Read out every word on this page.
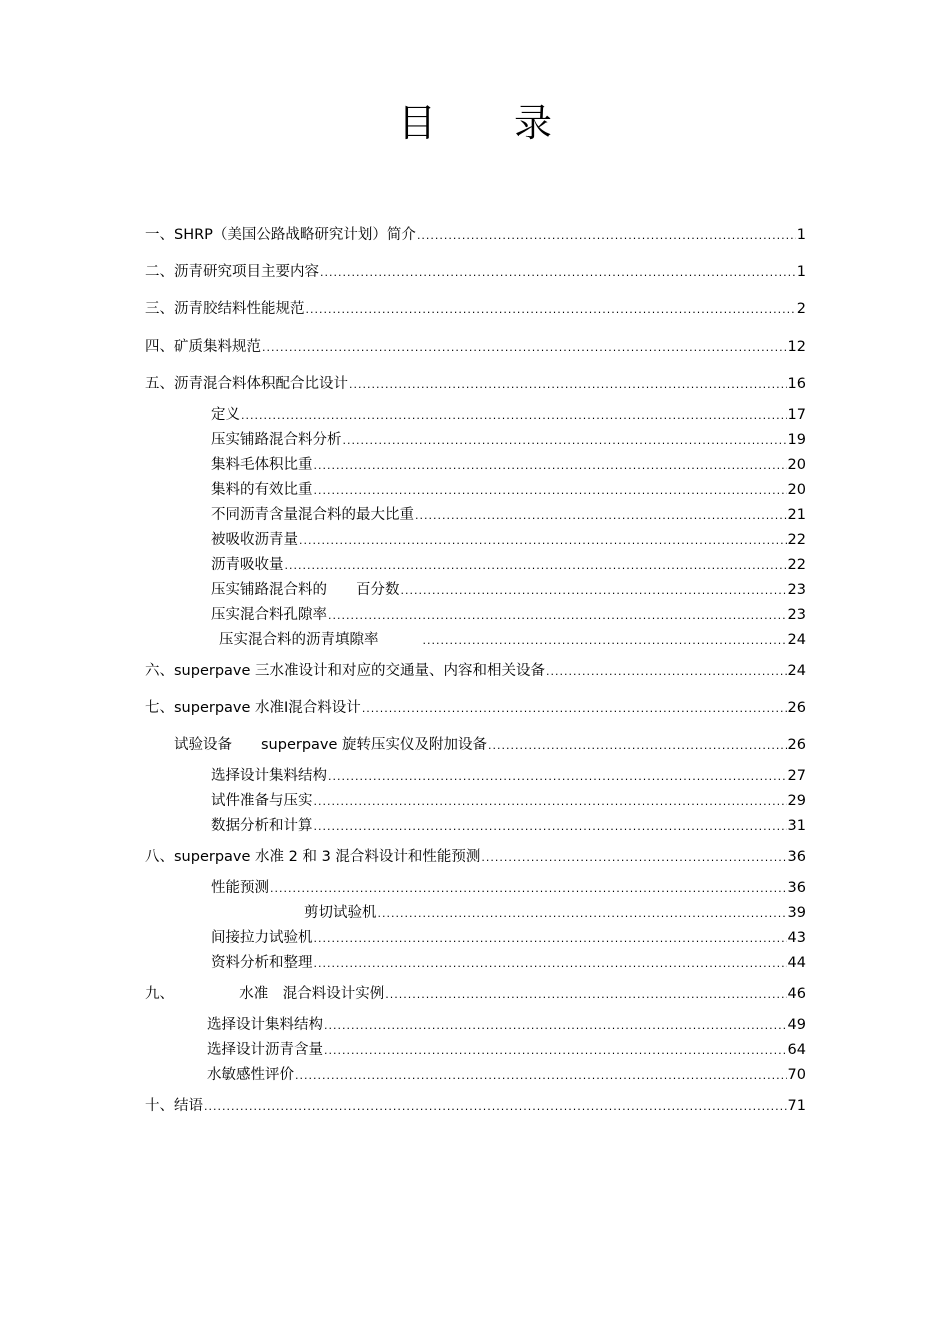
目 录
一、SHRP（美国公路战略研究计划）简介 .....	1
二、沥青研究项目主要内容 .....	1
三、沥青胶结料性能规范 .....	2
四、矿质集料规范 .....	12
五、沥青混合料体积配合比设计 .....	16
定义 .....	17
压实铺路混合料分析 .....	19
集料毛体积比重 .....	20
集料的有效比重 .....	20
不同沥青含量混合料的最大比重 .....	21
被吸收沥青量 .....	22
沥青吸收量 .....	22
压实铺路混合料的　　百分数 .....	23
压实混合料孔隙率 .....	23
压实混合料的沥青填隙率 .....	24
六、superpave 三水准设计和对应的交通量、内容和相关设备 .....	24
七、superpave 水准Ⅰ混合料设计 .....	26
试验设备　　superpave 旋转压实仪及附加设备 .....	26
选择设计集料结构 .....	27
试件准备与压实 .....	29
数据分析和计算 .....	31
八、superpave 水准 2 和 3 混合料设计和性能预测 .....	36
性能预测 .....	36
剪切试验机 .....	39
间接拉力试验机 .....	43
资料分析和整理 .....	44
九、　　　　　水准　混合料设计实例 .....	46
选择设计集料结构 .....	49
选择设计沥青含量 .....	64
水敏感性评价 .....	70
十、结语 .....	71
